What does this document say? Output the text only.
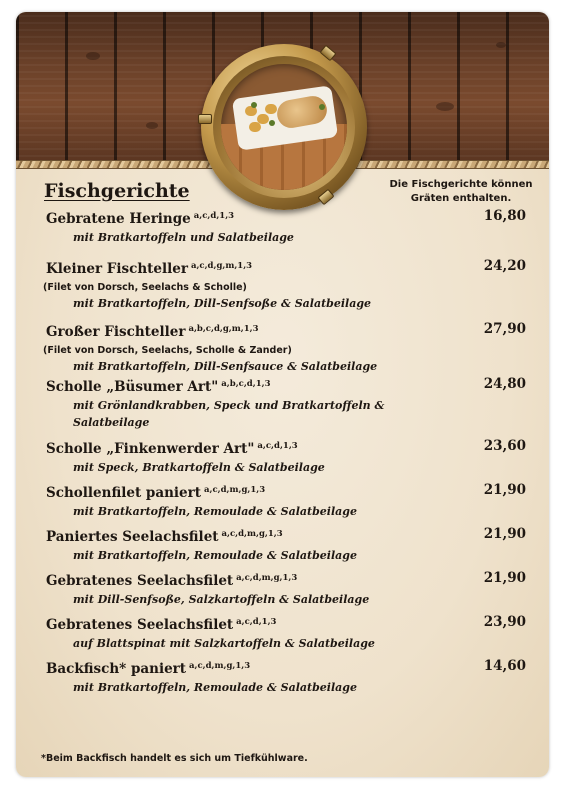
Fischgerichte	Die Fischgerichte können Gräten enthalten.
Gebratene Heringe $^{a,c,d,1,3}$	16,80
mit Bratkartoffeln und Salatbeilage
Kleiner Fischteller $^{a,c,d,g,m,1,3}$	24,20
(Filet von Dorsch, Seelachs & Scholle)
mit Bratkartoffeln, Dill-Senfsoße & Salatbeilage
Großer Fischteller $^{a,b,c,d,g,m,1,3}$	27,90
(Filet von Dorsch, Seelachs, Scholle & Zander)
mit Bratkartoffeln, Dill-Senfsauce & Salatbeilage
Scholle „Büsumer Art" $^{a,b,c,d,1,3}$	24,80
mit Grönlandkrabben, Speck und Bratkartoffeln & Salatbeilage
Scholle „Finkenwerder Art" $^{a,c,d,1,3}$	23,60
mit Speck, Bratkartoffeln & Salatbeilage
Schollenfilet paniert $^{a,c,d,m,g,1,3}$	21,90
mit Bratkartoffeln, Remoulade & Salatbeilage
Paniertes Seelachsfilet $^{a,c,d,m,g,1,3}$	21,90
mit Bratkartoffeln, Remoulade & Salatbeilage
Gebratenes Seelachsfilet $^{a,c,d,m,g,1,3}$	21,90
mit Dill-Senfsoße, Salzkartoffeln & Salatbeilage
Gebratenes Seelachsfilet $^{a,c,d,1,3}$	23,90
auf Blattspinat mit Salzkartoffeln & Salatbeilage
Backfisch* paniert $^{a,c,d,m,g,1,3}$	14,60
mit Bratkartoffeln, Remoulade & Salatbeilage
*Beim Backfisch handelt es sich um Tiefkühlware.
